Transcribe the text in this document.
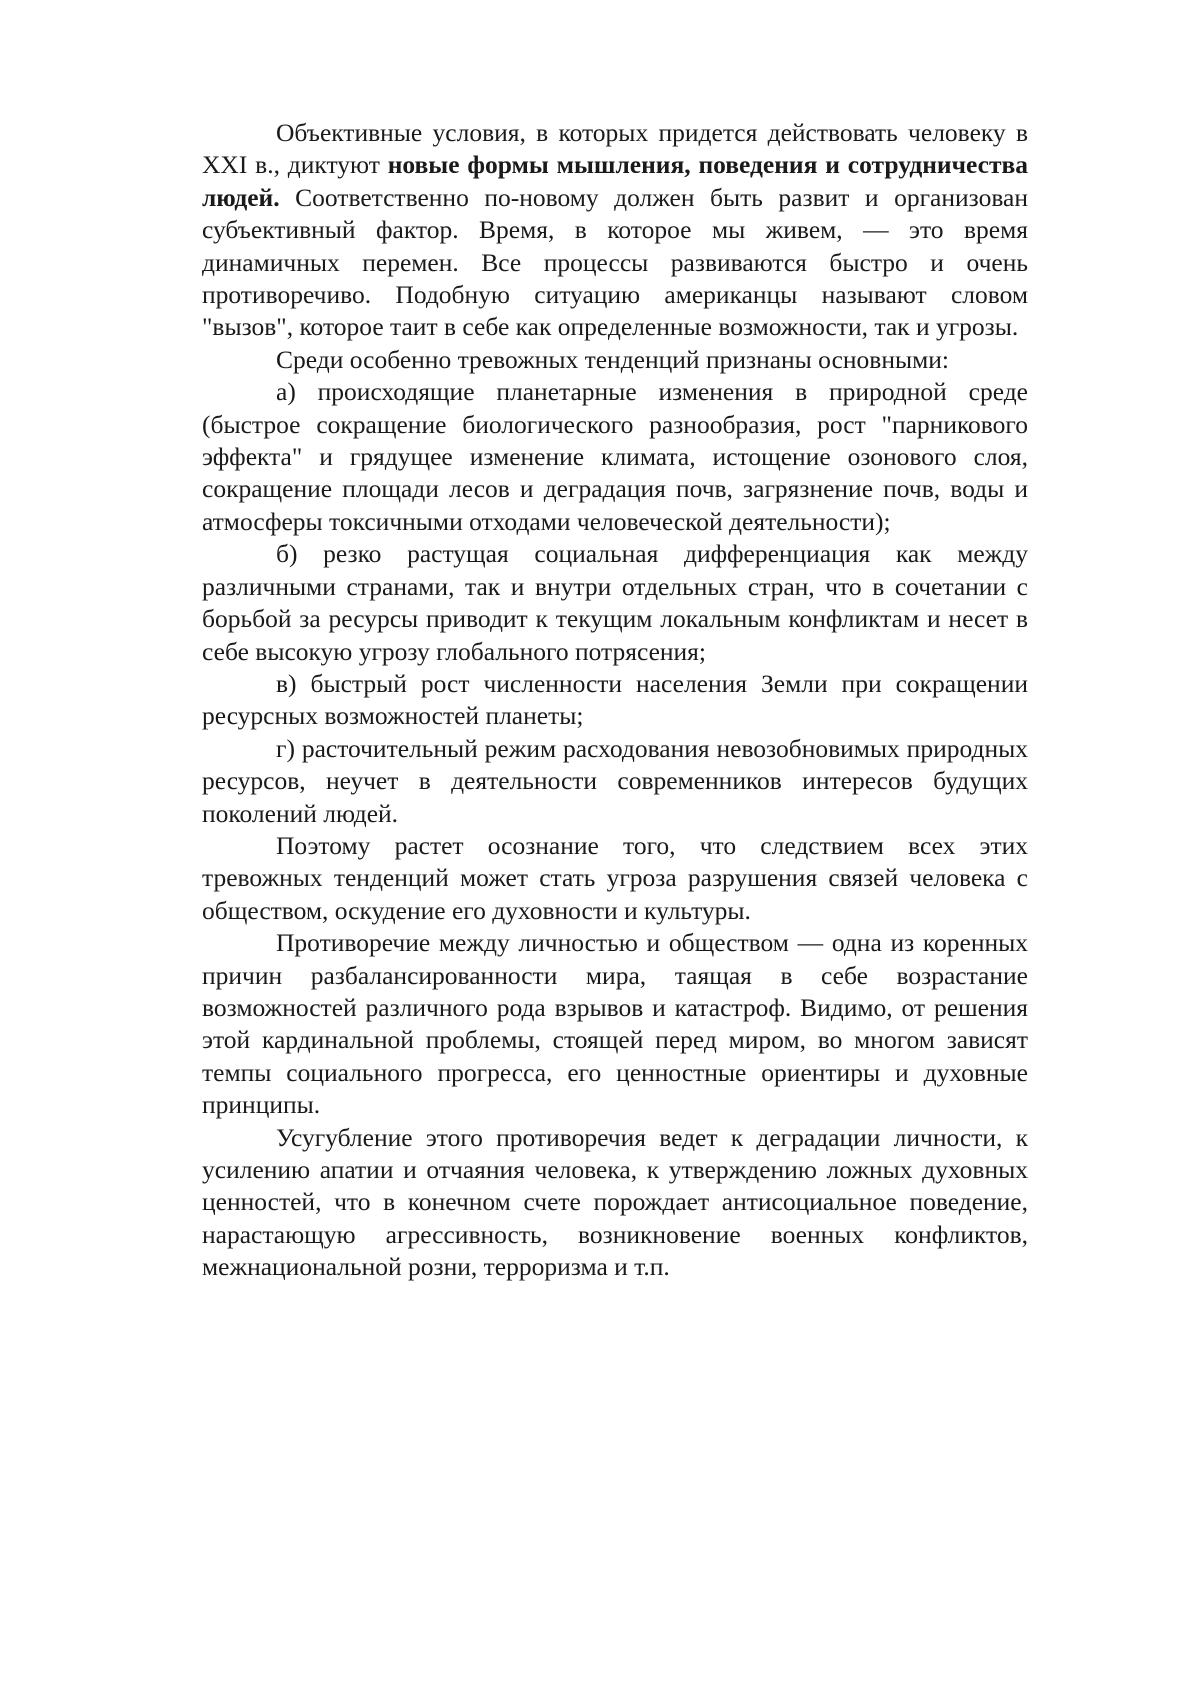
Объективные условия, в которых придется действовать человеку в XXI в., диктуют новые формы мышления, поведения и сотрудничества людей. Соответственно по-новому должен быть развит и организован субъективный фактор. Время, в которое мы живем, — это время динамичных перемен. Все процессы развиваются быстро и очень противоречиво. Подобную ситуацию американцы называют словом "вызов", которое таит в себе как определенные возможности, так и угрозы.

Среди особенно тревожных тенденций признаны основными:

а) происходящие планетарные изменения в природной среде (быстрое сокращение биологического разнообразия, рост "парникового эффекта" и грядущее изменение климата, истощение озонового слоя, сокращение площади лесов и деградация почв, загрязнение почв, воды и атмосферы токсичными отходами человеческой деятельности);

б) резко растущая социальная дифференциация как между различными странами, так и внутри отдельных стран, что в сочетании с борьбой за ресурсы приводит к текущим локальным конфликтам и несет в себе высокую угрозу глобального потрясения;

в) быстрый рост численности населения Земли при сокращении ресурсных возможностей планеты;

г) расточительный режим расходования невозобновимых природных ресурсов, неучет в деятельности современников интересов будущих поколений людей.

Поэтому растет осознание того, что следствием всех этих тревожных тенденций может стать угроза разрушения связей человека с обществом, оскудение его духовности и культуры.

Противоречие между личностью и обществом — одна из коренных причин разбалансированности мира, таящая в себе возрастание возможностей различного рода взрывов и катастроф. Видимо, от решения этой кардинальной проблемы, стоящей перед миром, во многом зависят темпы социального прогресса, его ценностные ориентиры и духовные принципы.

Усугубление этого противоречия ведет к деградации личности, к усилению апатии и отчаяния человека, к утверждению ложных духовных ценностей, что в конечном счете порождает антисоциальное поведение, нарастающую агрессивность, возникновение военных конфликтов, межнациональной розни, терроризма и т.п.
